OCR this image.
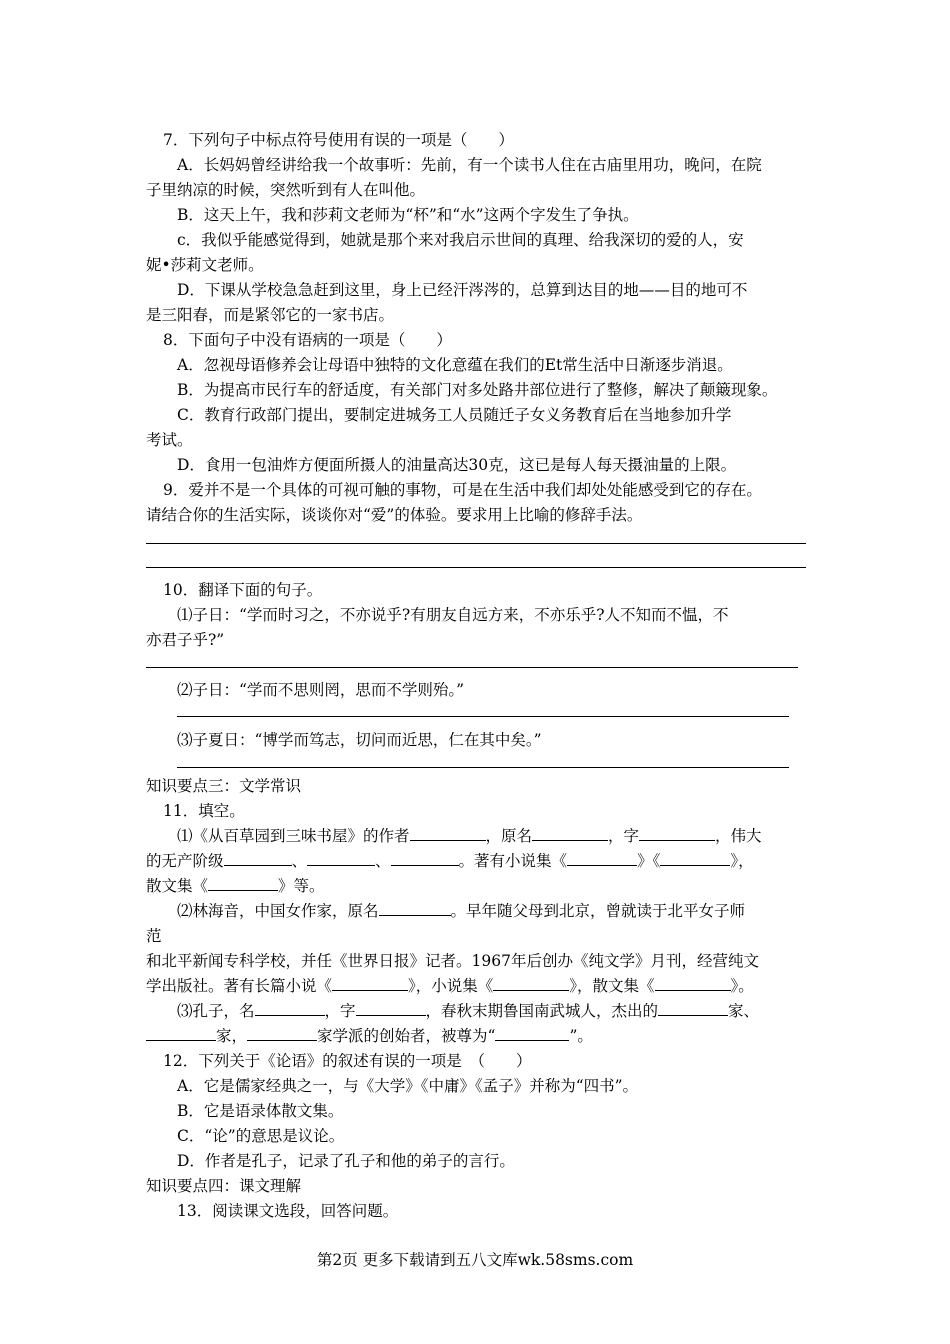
7．下列句子中标点符号使用有误的一项是（　　）
A．长妈妈曾经讲给我一个故事听：先前，有一个读书人住在古庙里用功，晚问，在院
子里纳凉的时候，突然听到有人在叫他。
B．这天上午，我和莎莉文老师为“杯”和“水”这两个字发生了争执。
c．我似乎能感觉得到，她就是那个来对我启示世间的真理、给我深切的爱的人，安
妮•莎莉文老师。
D．下课从学校急急赶到这里，身上已经汗涔涔的，总算到达目的地——目的地可不
是三阳春，而是紧邻它的一家书店。
8．下面句子中没有语病的一项是（　　）
A．忽视母语修养会让母语中独特的文化意蕴在我们的Et常生活中日渐逐步消退。
B．为提高市民行车的舒适度，有关部门对多处路井部位进行了整修，解决了颠簸现象。
C．教育行政部门提出，要制定进城务工人员随迁子女义务教育后在当地参加升学
考试。
D．食用一包油炸方便面所摄人的油量高达30克，这已是每人每天摄油量的上限。
9．爱并不是一个具体的可视可触的事物，可是在生活中我们却处处能感受到它的存在。
请结合你的生活实际，谈谈你对“爱”的体验。要求用上比喻的修辞手法。
10．翻译下面的句子。
⑴子日：“学而时习之，不亦说乎?有朋友自远方来，不亦乐乎?人不知而不愠，不
亦君子乎?”
⑵子日：“学而不思则罔，思而不学则殆。”
⑶子夏日：“博学而笃志，切问而近思，仁在其中矣。”
知识要点三：文学常识
11．填空。
⑴《从百草园到三味书屋》的作者	，原名	，字	，伟大
的无产阶级	、	、	。著有小说集《	》《	》，
散文集《	》等。
⑵林海音，中国女作家，原名	。早年随父母到北京，曾就读于北平女子师
范
和北平新闻专科学校，并任《世界日报》记者。1967年后创办《纯文学》月刊，经营纯文
学出版社。著有长篇小说《	》，小说集《	》，散文集《	》。
⑶孔子，名	，字	，春秋末期鲁国南武城人，杰出的	家、
家，	家学派的创始者，被尊为“	”。
12．下列关于《论语》的叙述有误的一项是　（　　）
A．它是儒家经典之一，与《大学》《中庸》《孟子》并称为“四书”。
B．它是语录体散文集。
C．“论”的意思是议论。
D．作者是孔子，记录了孔子和他的弟子的言行。
知识要点四：课文理解
13．阅读课文选段，回答问题。
第2页 更多下载请到五八文库wk.58sms.com
